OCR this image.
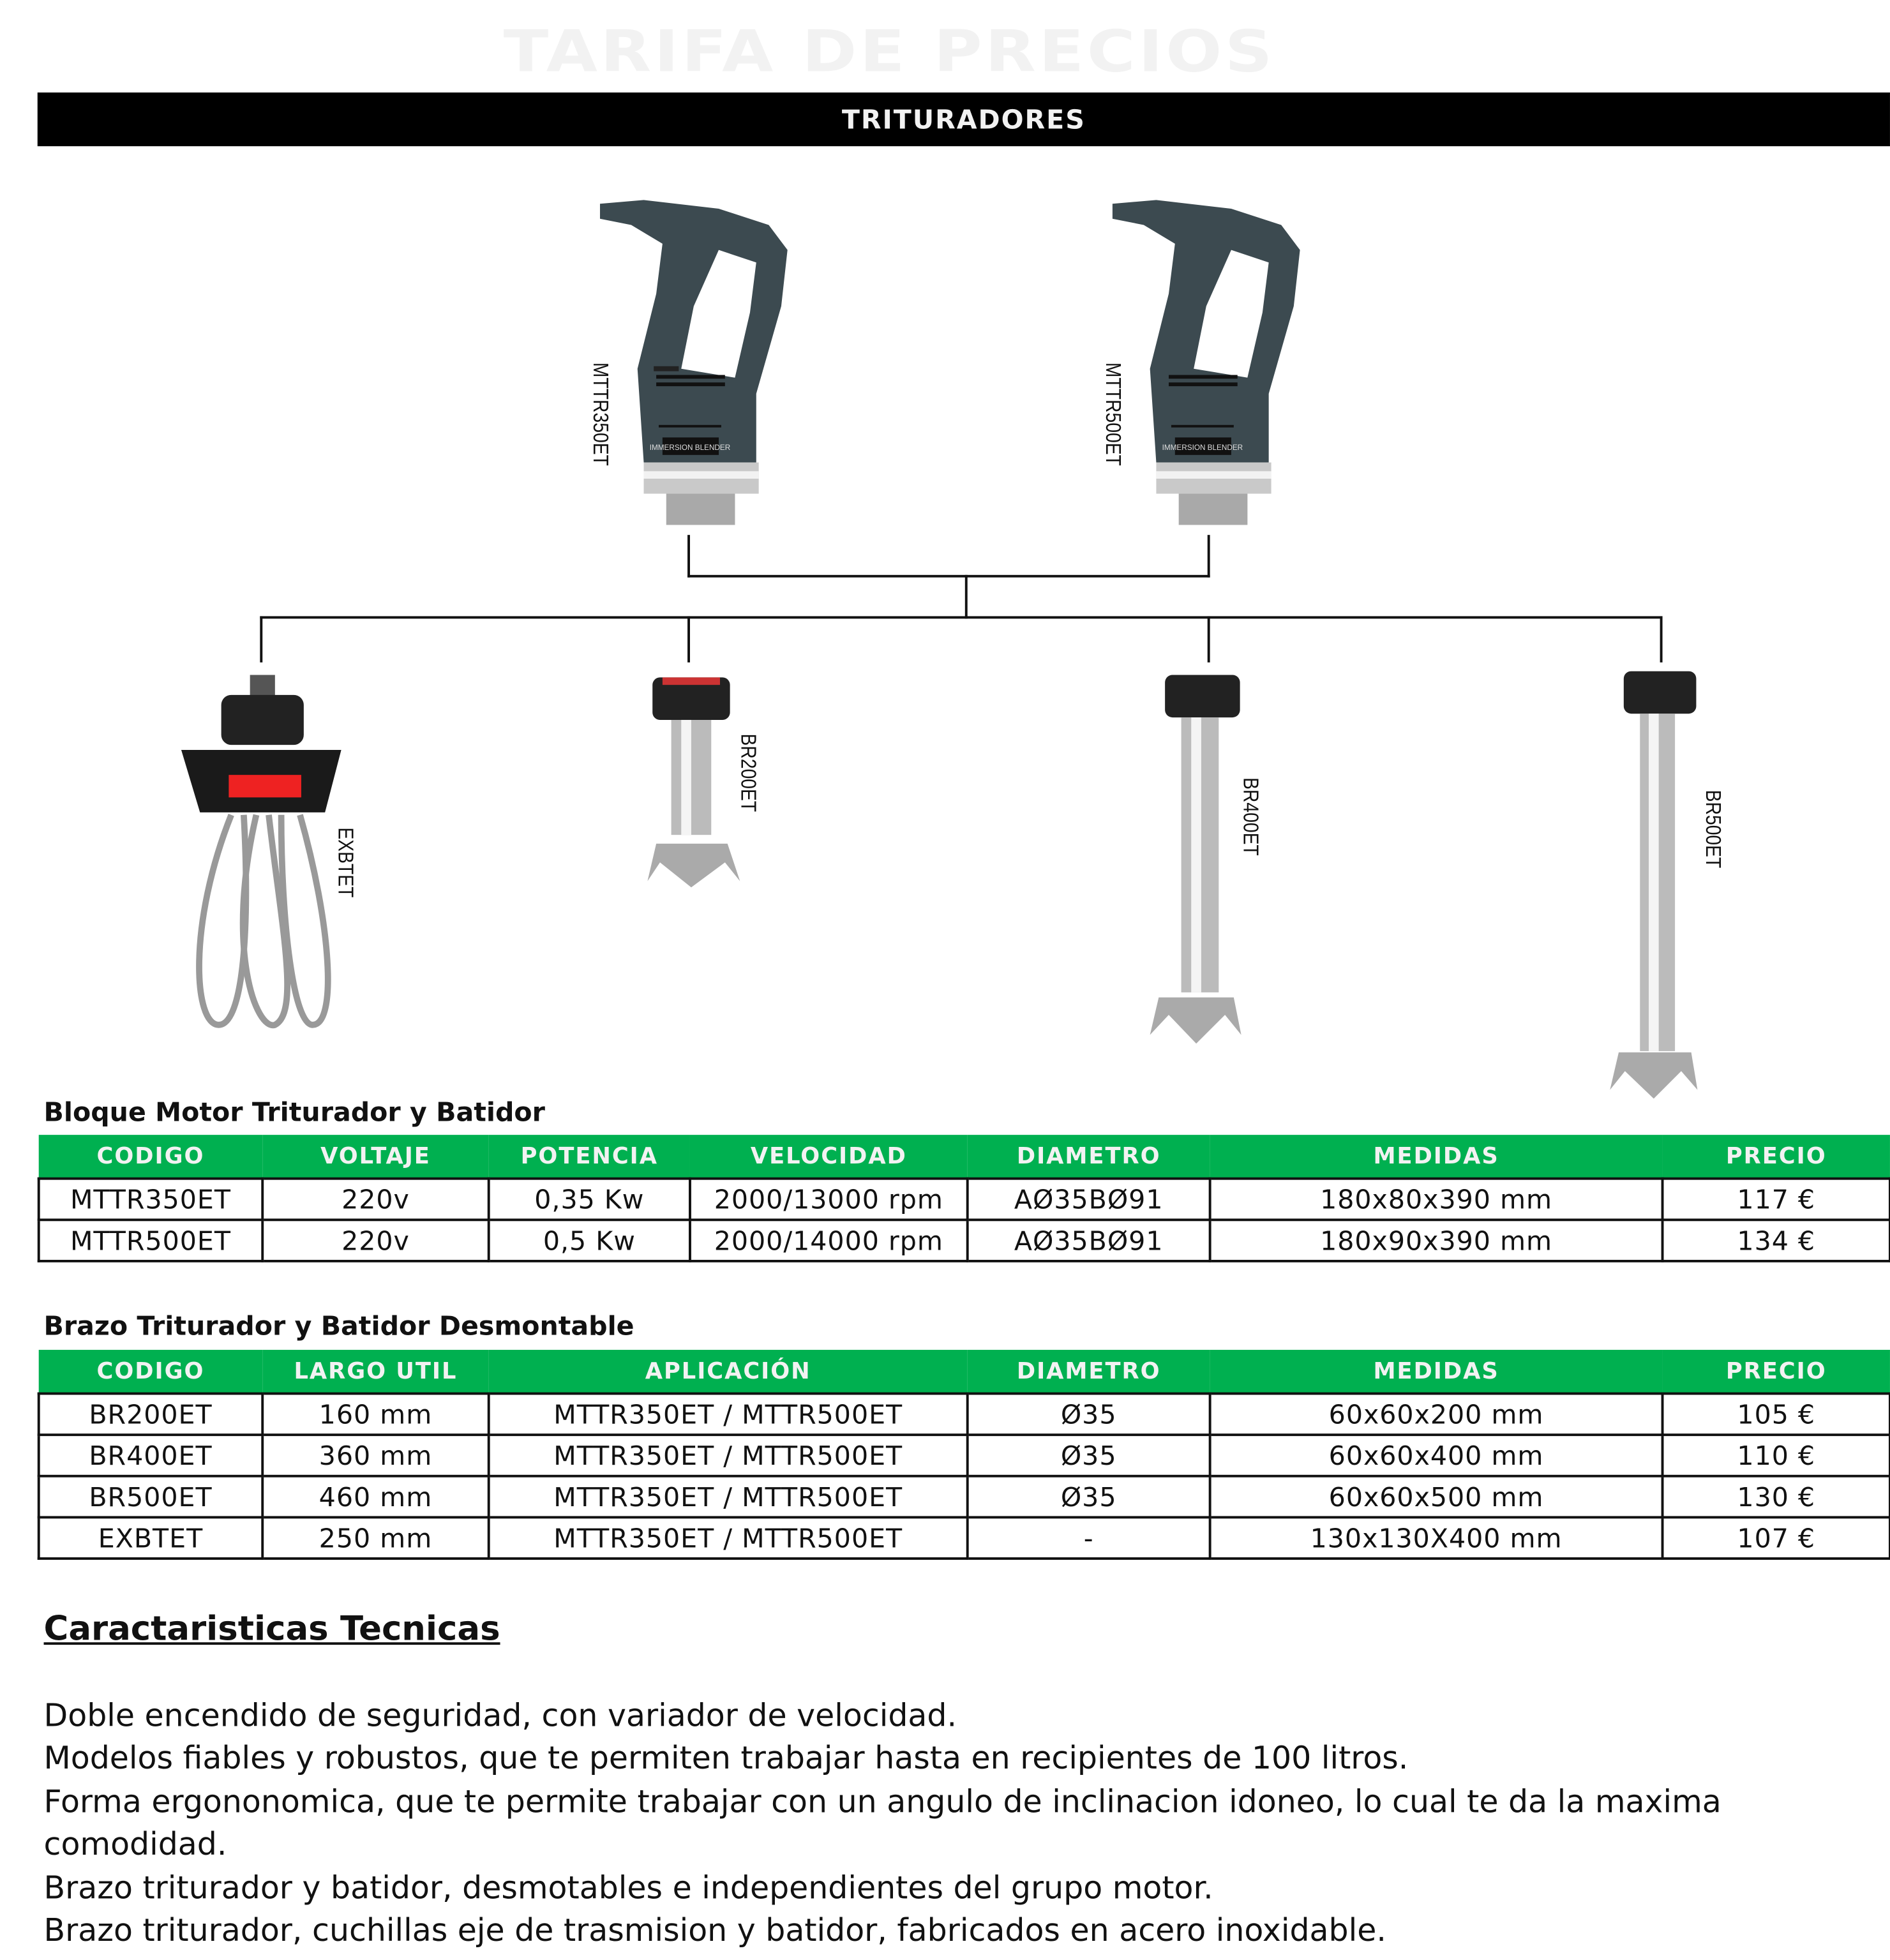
TARIFA DE PRECIOS
TRITURADORES
IMMERSION BLENDER
MTTR350ET	IMMERSION BLENDER
MTTR500ET
EXBTET
BR200ET
BR400ET	BR500ET
Bloque Motor Triturador y Batidor
CODIGO	VOLTAJE	POTENCIA	VELOCIDAD	DIAMETRO	MEDIDAS	PRECIO
MTTR350ET	220v	0,35 Kw	2000/13000 rpm	AØ35BØ91	180x80x390 mm	117 €
MTTR500ET	220v	0,5 Kw	2000/14000 rpm	AØ35BØ91	180x90x390 mm	134 €
Brazo Triturador y Batidor Desmontable
CODIGO	LARGO UTIL	APLICACIÓN	DIAMETRO	MEDIDAS	PRECIO
BR200ET	160 mm	MTTR350ET / MTTR500ET	Ø35	60x60x200 mm	105 €
BR400ET	360 mm	MTTR350ET / MTTR500ET	Ø35	60x60x400 mm	110 €
BR500ET	460 mm	MTTR350ET / MTTR500ET	Ø35	60x60x500 mm	130 €
EXBTET	250 mm	MTTR350ET / MTTR500ET	-	130x130X400 mm	107 €
Caractaristicas Tecnicas
Doble encendido de seguridad, con variador de velocidad.
Modelos fiables y robustos, que te permiten trabajar hasta en recipientes de 100 litros.
Forma ergononomica, que te permite trabajar con un angulo de inclinacion idoneo, lo cual te da la maxima comodidad.
Brazo triturador y batidor, desmotables e independientes del grupo motor.
Brazo triturador, cuchillas eje de trasmision y batidor, fabricados en acero inoxidable.
